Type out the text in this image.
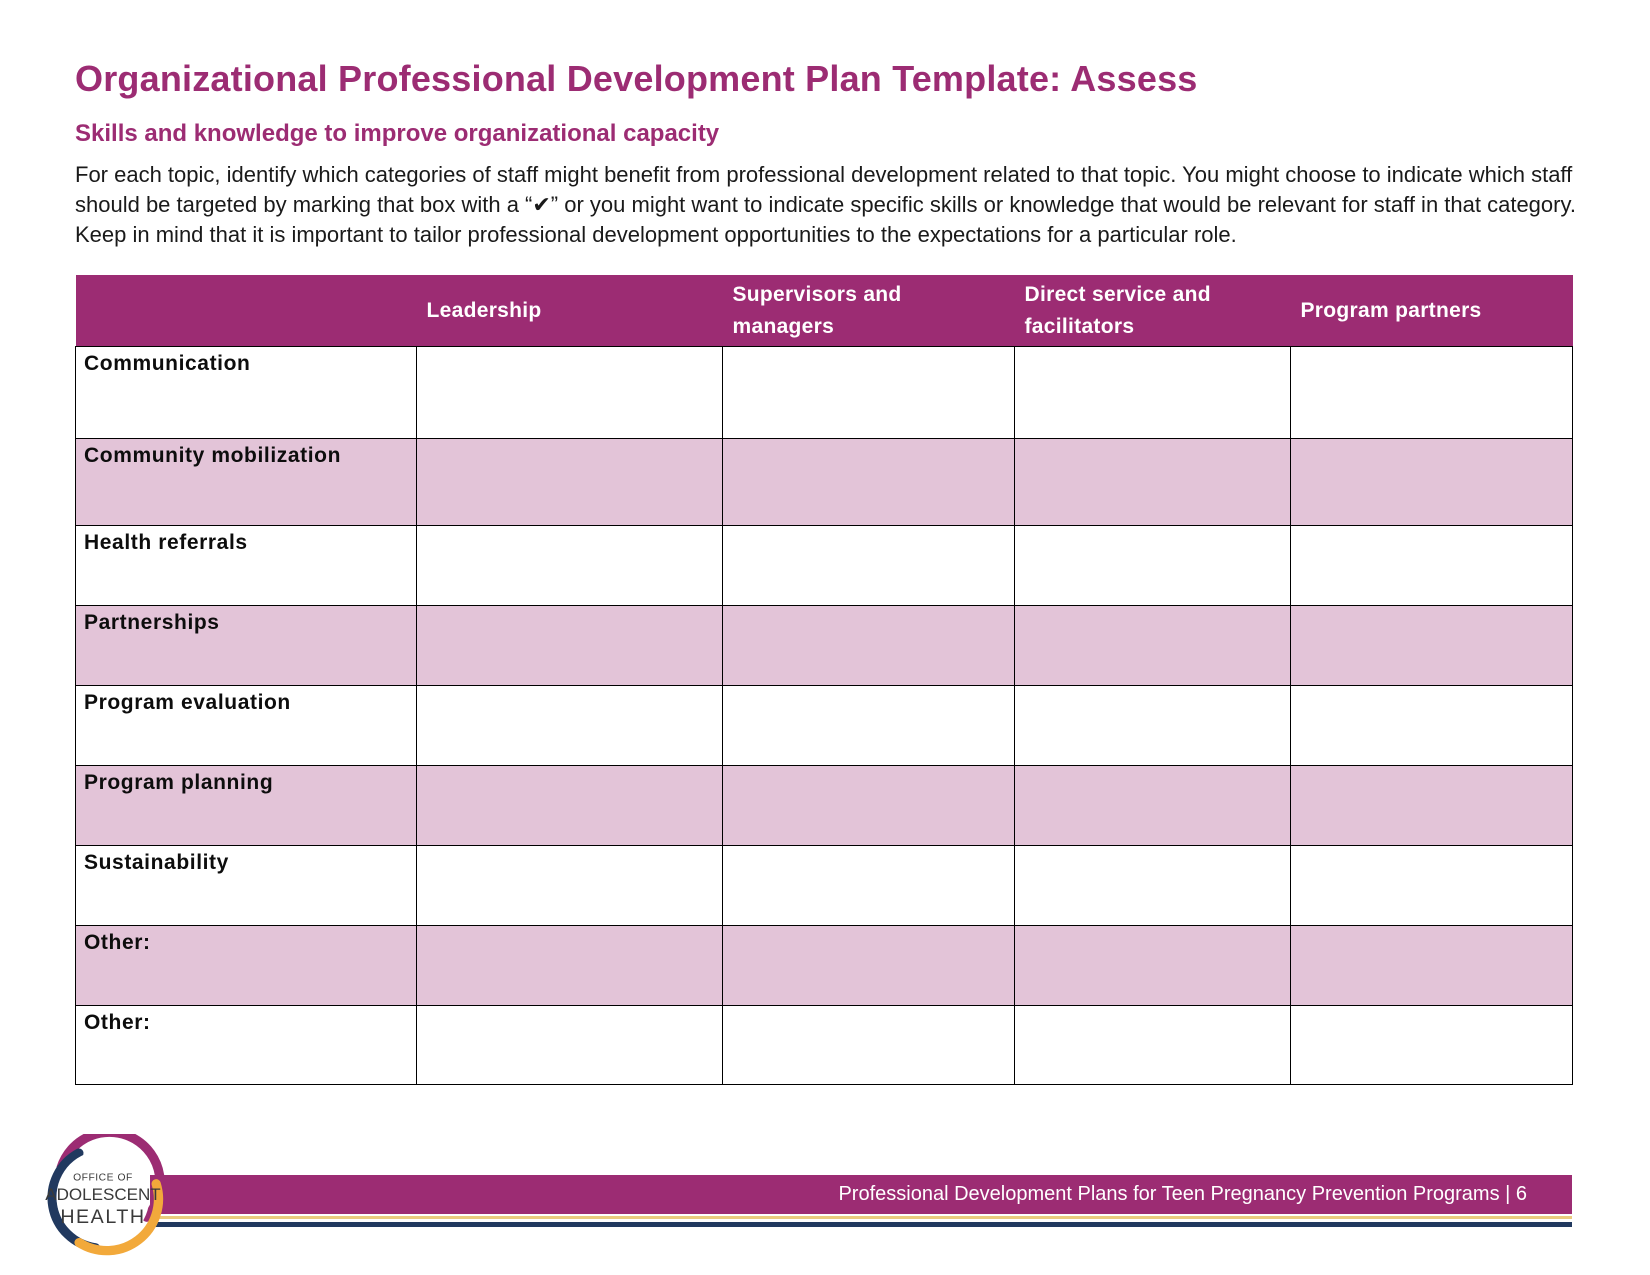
Organizational Professional Development Plan Template: Assess
Skills and knowledge to improve organizational capacity
For each topic, identify which categories of staff might benefit from professional development related to that topic. You might choose to indicate which staff should be targeted by marking that box with a “✔” or you might want to indicate specific skills or knowledge that would be relevant for staff in that category. Keep in mind that it is important to tailor professional development opportunities to the expectations for a particular role.
	Leadership	Supervisors and managers	Direct service and facilitators	Program partners
Communication				
Community mobilization				
Health referrals				
Partnerships				
Program evaluation				
Program planning				
Sustainability				
Other:				
Other:				
Professional Development Plans for Teen Pregnancy Prevention Programs | 6
OFFICE OF
ADOLESCENT
HEALTH
